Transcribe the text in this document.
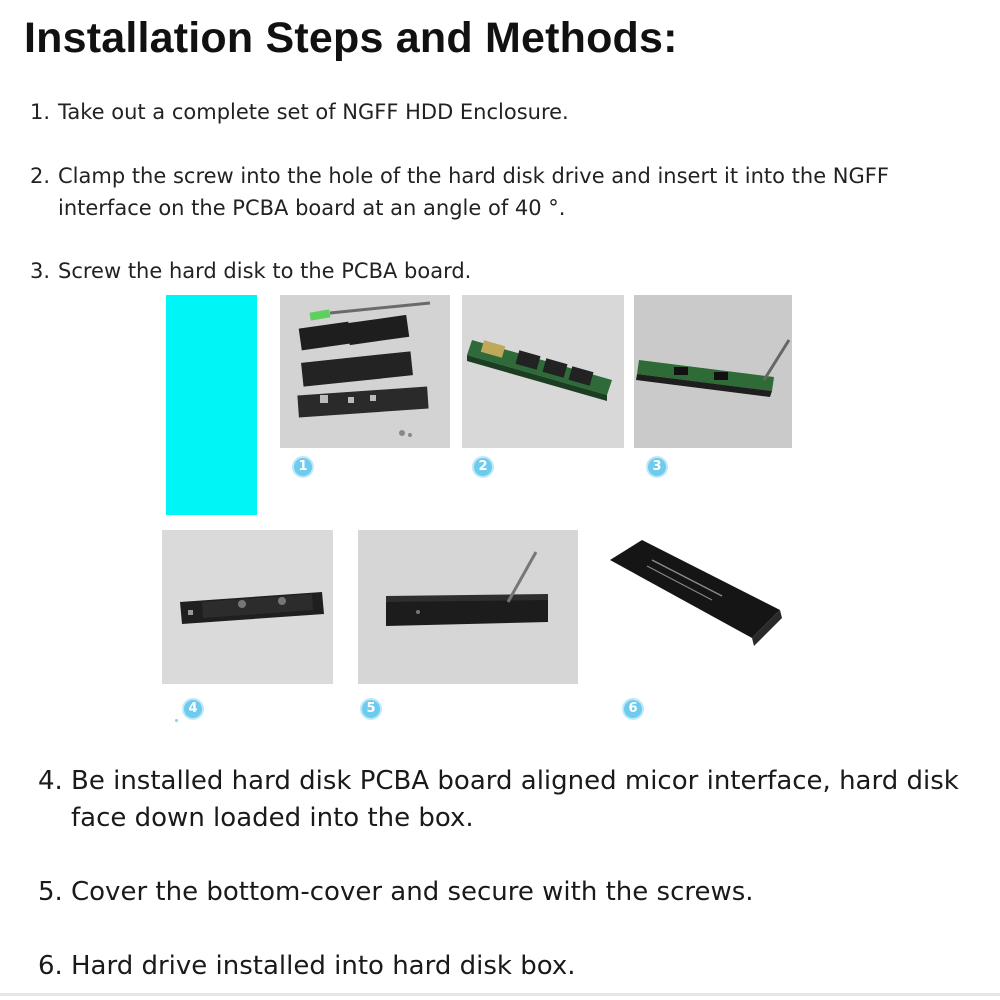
Installation Steps and Methods:
1. Take out a complete set of NGFF HDD Enclosure.
2. Clamp the screw into the hole of the hard disk drive and insert it into the NGFF
interface on the PCBA board at an angle of 40 °.
3. Screw the hard disk to the PCBA board.
1	2	3
4	5	6
4. Be installed hard disk PCBA board aligned micor interface, hard disk
face down loaded into the box.
5. Cover the bottom-cover and secure with the screws.
6. Hard drive installed into hard disk box.
